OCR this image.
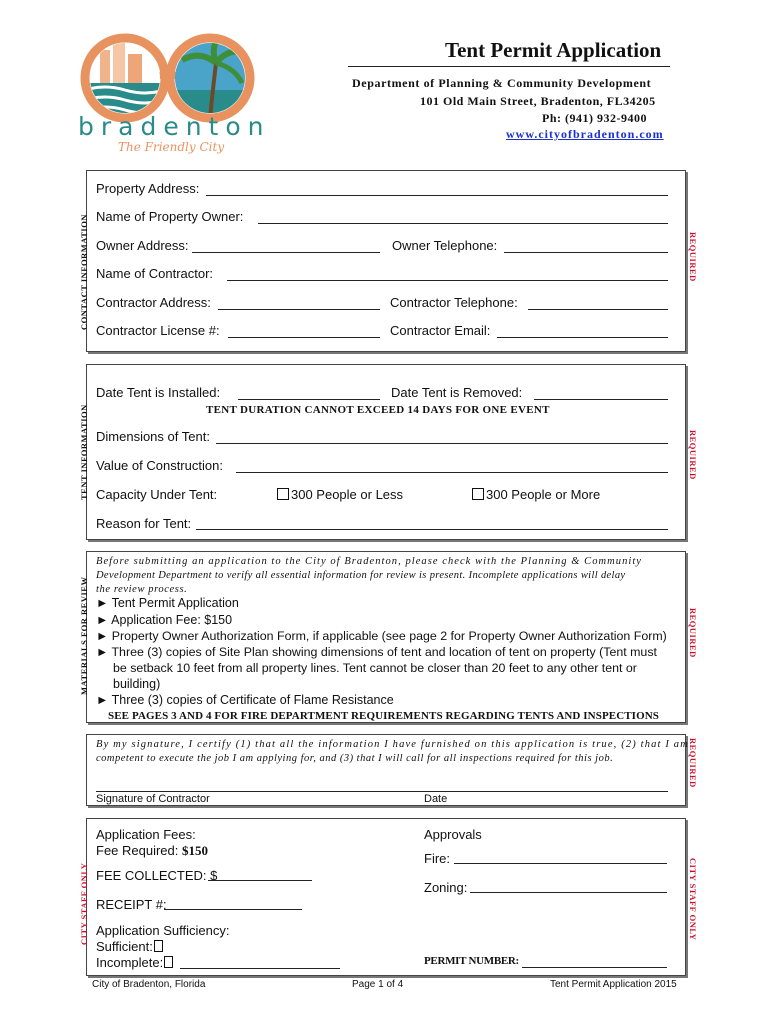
bradenton
The Friendly City
Tent Permit Application
Department of Planning & Community Development
101 Old Main Street, Bradenton, FL34205
Ph: (941) 932-9400
www.cityofbradenton.com
CONTACT INFORMATION	REQUIRED
Property Address:
Name of Property Owner:
Owner Address:	Owner Telephone:
Name of Contractor:
Contractor Address:	Contractor Telephone:
Contractor License #:	Contractor Email:
TENT INFORMATION	REQUIRED
Date Tent is Installed:	Date Tent is Removed:
TENT DURATION CANNOT EXCEED 14 DAYS FOR ONE EVENT
Dimensions of Tent:
Value of Construction:
Capacity Under Tent:	300 People or Less	300 People or More
Reason for Tent:
MATERIALS FOR REVIEW	REQUIRED
Before submitting an application to the City of Bradenton, please check with the Planning & Community
Development Department to verify all essential information for review is present. Incomplete applications will delay
the review process.
► Tent Permit Application
► Application Fee: $150
► Property Owner Authorization Form, if applicable (see page 2 for Property Owner Authorization Form)
► Three (3) copies of Site Plan showing dimensions of tent and location of tent on property (Tent must
be setback 10 feet from all property lines. Tent cannot be closer than 20 feet to any other tent or
building)
► Three (3) copies of Certificate of Flame Resistance
SEE PAGES 3 AND 4 FOR FIRE DEPARTMENT REQUIREMENTS REGARDING TENTS AND INSPECTIONS
REQUIRED
By my signature, I certify (1) that all the information I have furnished on this application is true, (2) that I am
competent to execute the job I am applying for, and (3) that I will call for all inspections required for this job.
Signature of Contractor	Date
CITY STAFF ONLY	CITY STAFF ONLY
Application Fees:
Fee Required: $150
FEE COLLECTED: $
RECEIPT #:
Application Sufficiency:
Sufficient:
Incomplete:
Approvals
Fire:
Zoning:
PERMIT NUMBER:
City of Bradenton, Florida	Page 1 of 4	Tent Permit Application 2015
